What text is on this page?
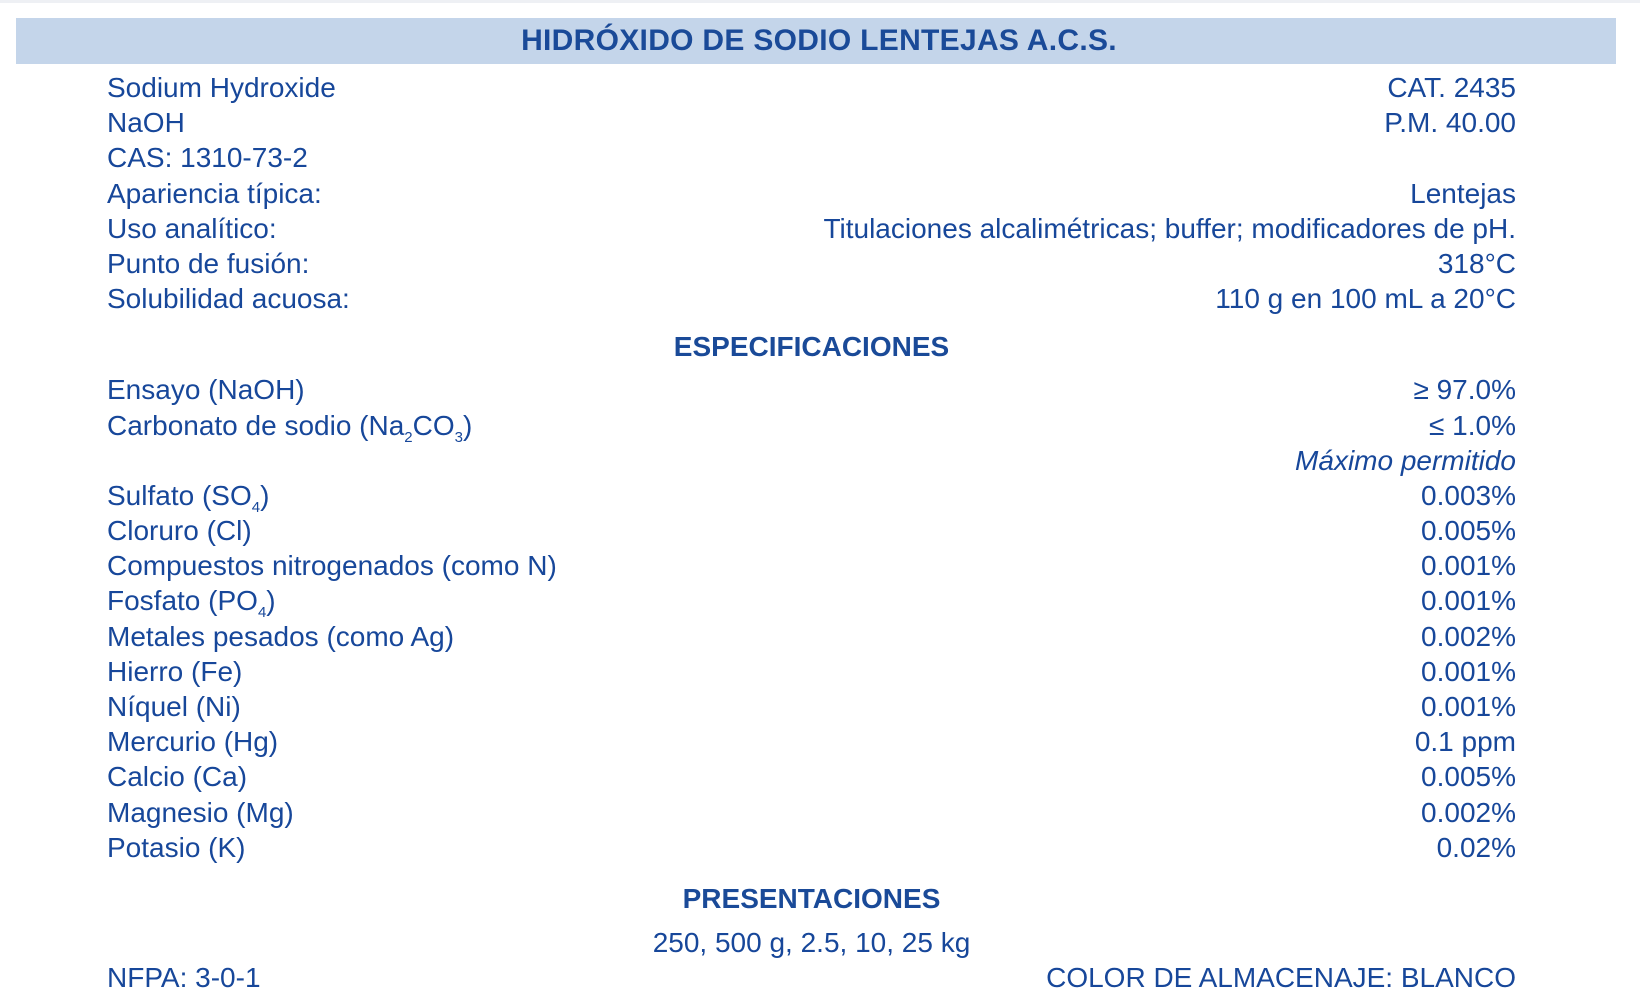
HIDRÓXIDO DE SODIO LENTEJAS A.C.S.
Sodium Hydroxide	CAT. 2435
NaOH	P.M. 40.00
CAS: 1310-73-2
Apariencia típica:	Lentejas
Uso analítico:	Titulaciones alcalimétricas; buffer; modificadores de pH.
Punto de fusión:	318°C
Solubilidad acuosa:	110 g en 100 mL a 20°C
ESPECIFICACIONES
Ensayo (NaOH)	≥ 97.0%
Carbonato de sodio $(Na_2CO_3)$	≤ 1.0%
Máximo permitido
Sulfato $(SO_4)$	0.003%
Cloruro (Cl)	0.005%
Compuestos nitrogenados (como N)	0.001%
Fosfato $(PO_4)$	0.001%
Metales pesados (como Ag)	0.002%
Hierro (Fe)	0.001%
Níquel (Ni)	0.001%
Mercurio (Hg)	0.1 ppm
Calcio (Ca)	0.005%
Magnesio (Mg)	0.002%
Potasio (K)	0.02%
PRESENTACIONES
250, 500 g, 2.5, 10, 25 kg
NFPA: 3-0-1	COLOR DE ALMACENAJE: BLANCO
